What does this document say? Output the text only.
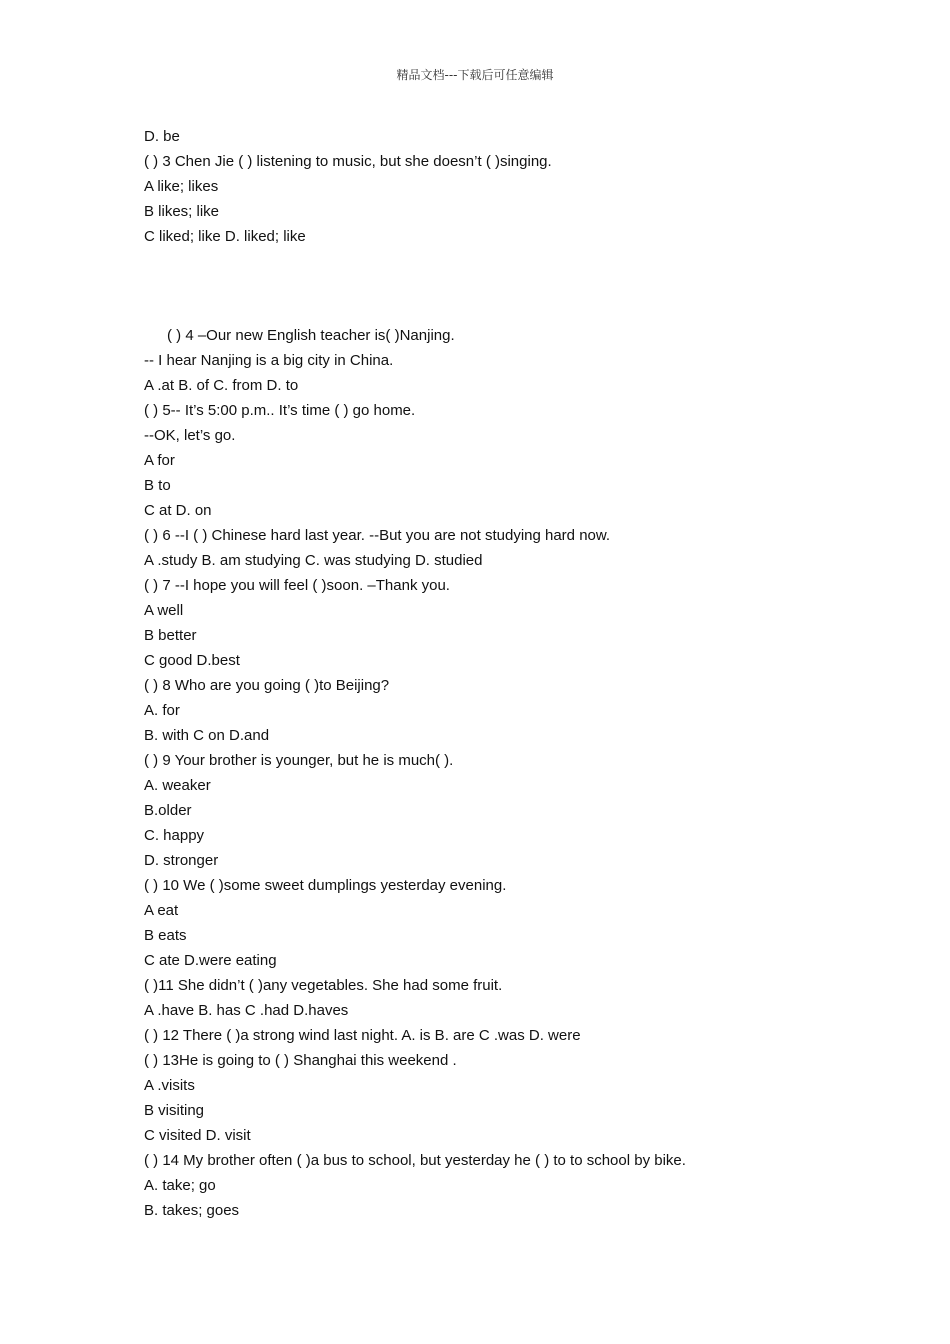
精品文档---下载后可任意编辑
D. be
( ) 3 Chen Jie ( ) listening to music, but she doesn’t ( )singing.
A like; likes
B likes; like
C liked; like D. liked; like
( ) 4 –Our new English teacher is( )Nanjing.
-- I hear Nanjing is a big city in China.
A .at B. of C. from D. to
( ) 5-- It’s 5:00 p.m.. It’s time ( ) go home.
--OK, let’s go.
A for
B to
C at D. on
( ) 6 --I ( ) Chinese hard last year. --But you are not studying hard now.
A .study B. am studying C. was studying D. studied
( ) 7 --I hope you will feel ( )soon. –Thank you.
A well
B better
C good D.best
( ) 8 Who are you going ( )to Beijing?
A. for
B. with C on D.and
( ) 9 Your brother is younger, but he is much( ).
A. weaker
B.older
C. happy
D. stronger
( ) 10 We ( )some sweet dumplings yesterday evening.
A eat
B eats
C ate D.were eating
( )11 She didn’t ( )any vegetables. She had some fruit.
A .have B. has C .had D.haves
( ) 12 There ( )a strong wind last night. A. is B. are C .was D. were
( ) 13He is going to ( ) Shanghai this weekend .
A .visits
B visiting
C visited D. visit
( ) 14 My brother often ( )a bus to school, but yesterday he ( ) to to school by bike.
A. take; go
B. takes; goes
